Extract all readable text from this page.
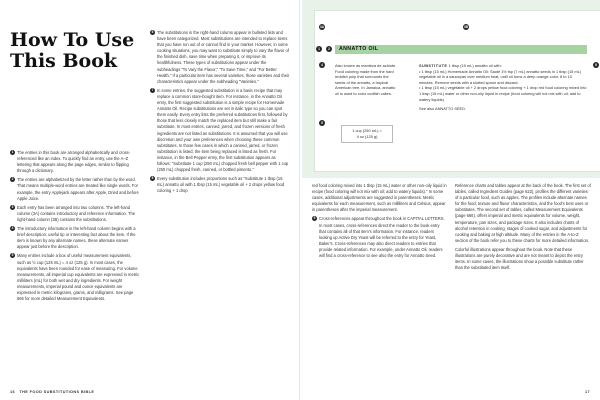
How To Use This Book
1 The entries in this book are arranged alphabetically and cross-referenced like an index. To quickly find an entry, use the A–Z lettering that appears along the page edges, similar to flipping through a dictionary.
2 The entries are alphabetized by the letter rather than by the word. That means multiple-word entries are treated like single words. For example, the entry Applejack appears after Apple, Dried and before Apple Juice.
3 Each entry has been arranged into two columns. The left-hand column (3A) contains introductory and reference information. The right-hand column (3B) contains the substitutions.
4 The introductory information in the left-hand column begins with a brief description: useful tip or interesting fact about the item. If the item is known by any alternate names, these alternate names appear just before the description.
5 Many entries include a box of useful measurement equivalents, such as ½ cup (125 mL) = 4 oz (125 g). In most cases, the equivalents have been rounded for ease of measuring. For volume measurements, all imperial cup equivalents are expressed in metric milliliters (mL) for both wet and dry ingredients. For weight measurements, imperial pound and ounce equivalents are expressed in metric kilograms, grams, and milligrams. See page 666 for more detailed Measurement Equivalents.
6 The substitutions in the right-hand column appear in bulleted lists and have been categorized. Most substitutions are intended to replace items that you have run out of or cannot find in your market. However, in some cooking situations, you may want to substitute simply to vary the flavor of the finished dish, save time when preparing it, or improve its healthfulness. These types of substitutions appear under the subheadings "To Vary the Flavor," "To Save Time," and "For Better Health." If a particular item has several varieties, those varieties and their characteristics appear under the subheading "Varieties."
7 In some entries, the suggested substitution is a basic recipe that may replace a common store-bought item. For instance, in the Annatto Oil entry, the first suggested substitution is a simple recipe for Homemade Annatto Oil. Recipe substitutions are set in italic type so you can spot them easily. Every entry lists the preferred substitutions first, followed by those that less closely match the replaced item but still make a fair substitute. In most entries, canned, jarred, and frozen versions of fresh ingredients are not listed as substitutions. It is assumed that you will use discretion and your own preferences when choosing these common substitutes. In those few cases in which a canned, jarred, or frozen substitution is listed, the item being replaced is listed as fresh. For instance, in the Bell Pepper entry, the first substitution appears as follows: "Substitute 1 cup (250 mL) chopped fresh bell pepper with 1 cup (250 mL) chopped fresh, canned, or bottled pimento."
8 Every substitution includes proportions such as "Substitute 1 tbsp (15 mL) annatto oil with 1 tbsp (15 mL) vegetable oil + 2 drops yellow food coloring + 1 drop
16 THE FOOD SUBSTITUTIONS BIBLE
3A	3B
1	2
4	6
5
ANNATTO OIL
Also known as manteca de achiote. Food coloring made from the hard reddish pulp that surrounds the seeds of the annatto, a tropical American tree. In Jamaica, annatto oil is used to color codfish cakes.
1 cup (250 mL) =
4 oz (125 g)
SUBSTITUTE 1 tbsp (15 mL) annatto oil with:
• 1 tbsp (15 mL) Homemade Annatto Oil: Sauté 1½ tsp (7 mL) annatto seeds in 1 tbsp (15 mL) vegetable oil in a saucepan over medium heat, until oil turns a deep orange color, 8 to 10 minutes. Remove seeds with a slotted spoon and discard.
• 1 tbsp (15 mL) vegetable oil + 2 drops yellow food coloring + 1 drop red food coloring mixed into 1 tbsp (15 mL) water or other non-oily liquid in recipe (food coloring will not mix with oil; add to watery liquids)
See also ANNATTO SEED.

red food coloring mixed into 1 tbsp (15 mL) water or other non-oily liquid in recipe (food coloring will not mix with oil; add to watery liquids)." In some cases, additional adjustments are suggested in parentheses. Metric equivalents for each measurement, such as milliliters and Celsius, appear in parentheses after the imperial measurement.

9 Cross-references appear throughout the book in CAPITAL LETTERS. In most cases, cross-references direct the reader to the book entry that contains all of that item's information. For instance, readers looking up Active Dry Yeast will be referred to the entry for Yeast, Baker's. Cross-references may also direct readers to entries that provide related information. For example, under Annatto Oil, readers will find a cross-reference to see also the entry for Annatto Seed.

Reference charts and tables appear at the back of the book. The first set of tables, called Ingredient Guides (page 622), profiles the different varieties of a particular food, such as apples. The profiles include alternate names for the food, texture and flavor characteristics, and the food's best uses or substitutes. The second set of tables, called Measurement Equivalents (page 666), offers imperial and metric equivalents for volume, weight, temperature, pan sizes, and package sizes. It also includes charts of alcohol retention in cooking, stages of cooked sugar, and adjustments for cooking and baking at high altitude. Many of the entries in the A-to-Z section of the book refer you to these charts for more detailed information.

Colorful illustrations appear throughout the book. Note that these illustrations are purely decorative and are not meant to depict the entry items. In some cases, the illustrations show a possible substitute rather than the substituted item itself.

17
